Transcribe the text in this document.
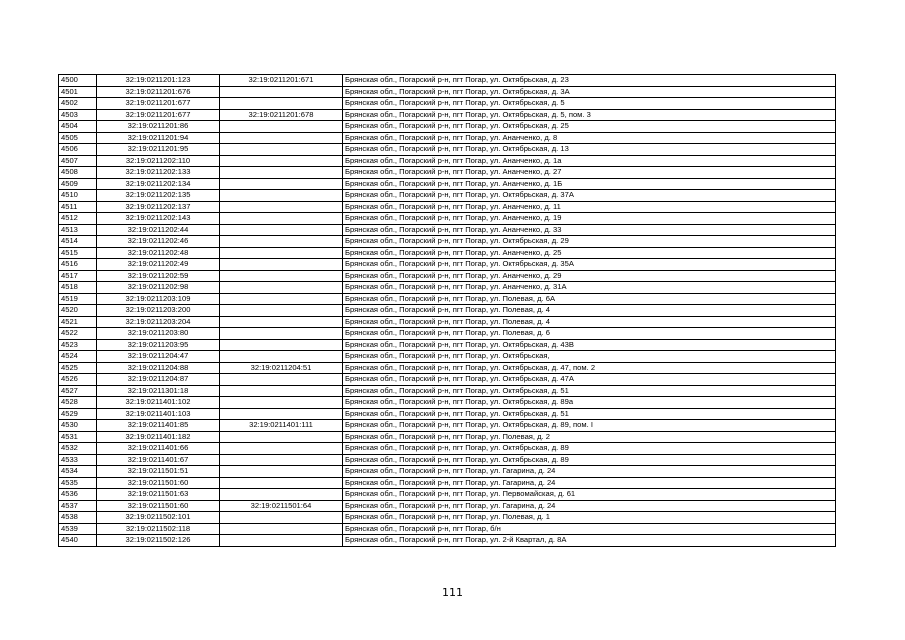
4500	32:19:0211201:123	32:19:0211201:671	Брянская обл., Погарский р-н, пгт Погар, ул. Октябрьская, д. 23
4501	32:19:0211201:676		Брянская обл., Погарский р-н, пгт Погар, ул. Октябрьская, д. 3А
4502	32:19:0211201:677		Брянская обл., Погарский р-н, пгт Погар, ул. Октябрьская, д. 5
4503	32:19:0211201:677	32:19:0211201:678	Брянская обл., Погарский р-н, пгт Погар, ул. Октябрьская, д. 5, пом. 3
4504	32:19:0211201:86		Брянская обл., Погарский р-н, пгт Погар, ул. Октябрьская, д. 25
4505	32:19:0211201:94		Брянская обл., Погарский р-н, пгт Погар, ул. Ананченко, д. 8
4506	32:19:0211201:95		Брянская обл., Погарский р-н, пгт Погар, ул. Октябрьская, д. 13
4507	32:19:0211202:110		Брянская обл., Погарский р-н, пгт Погар, ул. Ананченко, д. 1а
4508	32:19:0211202:133		Брянская обл., Погарский р-н, пгт Погар, ул. Ананченко, д. 27
4509	32:19:0211202:134		Брянская обл., Погарский р-н, пгт Погар, ул. Ананченко, д. 1Б
4510	32:19:0211202:135		Брянская обл., Погарский р-н, пгт Погар, ул. Октябрьская, д. 37А
4511	32:19:0211202:137		Брянская обл., Погарский р-н, пгт Погар, ул. Ананченко, д. 11
4512	32:19:0211202:143		Брянская обл., Погарский р-н, пгт Погар, ул. Ананченко, д. 19
4513	32:19:0211202:44		Брянская обл., Погарский р-н, пгт Погар, ул. Ананченко, д. 33
4514	32:19:0211202:46		Брянская обл., Погарский р-н, пгт Погар, ул. Октябрьская, д. 29
4515	32:19:0211202:48		Брянская обл., Погарский р-н, пгт Погар, ул. Ананченко, д. 25
4516	32:19:0211202:49		Брянская обл., Погарский р-н, пгт Погар, ул. Октябрьская, д. 35А
4517	32:19:0211202:59		Брянская обл., Погарский р-н, пгт Погар, ул. Ананченко, д. 29
4518	32:19:0211202:98		Брянская обл., Погарский р-н, пгт Погар, ул. Ананченко, д. 31А
4519	32:19:0211203:109		Брянская обл., Погарский р-н, пгт Погар, ул. Полевая, д. 6А
4520	32:19:0211203:200		Брянская обл., Погарский р-н, пгт Погар, ул. Полевая, д. 4
4521	32:19:0211203:204		Брянская обл., Погарский р-н, пгт Погар, ул. Полевая, д. 4
4522	32:19:0211203:80		Брянская обл., Погарский р-н, пгт Погар, ул. Полевая, д. 6
4523	32:19:0211203:95		Брянская обл., Погарский р-н, пгт Погар, ул. Октябрьская, д. 43В
4524	32:19:0211204:47		Брянская обл., Погарский р-н, пгт Погар, ул. Октябрьская,
4525	32:19:0211204:88	32:19:0211204:51	Брянская обл., Погарский р-н, пгт Погар, ул. Октябрьская, д. 47, пом. 2
4526	32:19:0211204:87		Брянская обл., Погарский р-н, пгт Погар, ул. Октябрьская, д. 47А
4527	32:19:0211301:18		Брянская обл., Погарский р-н, пгт Погар, ул. Октябрьская, д. 51
4528	32:19:0211401:102		Брянская обл., Погарский р-н, пгт Погар, ул. Октябрьская, д. 89а
4529	32:19:0211401:103		Брянская обл., Погарский р-н, пгт Погар, ул. Октябрьская, д. 51
4530	32:19:0211401:85	32:19:0211401:111	Брянская обл., Погарский р-н, пгт Погар, ул. Октябрьская, д. 89, пом. I
4531	32:19:0211401:182		Брянская обл., Погарский р-н, пгт Погар, ул. Полевая, д. 2
4532	32:19:0211401:66		Брянская обл., Погарский р-н, пгт Погар, ул. Октябрьская, д. 89
4533	32:19:0211401:67		Брянская обл., Погарский р-н, пгт Погар, ул. Октябрьская, д. 89
4534	32:19:0211501:51		Брянская обл., Погарский р-н, пгт Погар, ул. Гагарина, д. 24
4535	32:19:0211501:60		Брянская обл., Погарский р-н, пгт Погар, ул. Гагарина, д. 24
4536	32:19:0211501:63		Брянская обл., Погарский р-н, пгт Погар, ул. Первомайская, д. 61
4537	32:19:0211501:60	32:19:0211501:64	Брянская обл., Погарский р-н, пгт Погар, ул. Гагарина, д. 24
4538	32:19:0211502:101		Брянская обл., Погарский р-н, пгт Погар, ул. Полевая, д. 1
4539	32:19:0211502:118		Брянская обл., Погарский р-н, пгт Погар, б/н
4540	32:19:0211502:126		Брянская обл., Погарский р-н, пгт Погар, ул. 2-й Квартал, д. 8А
111
